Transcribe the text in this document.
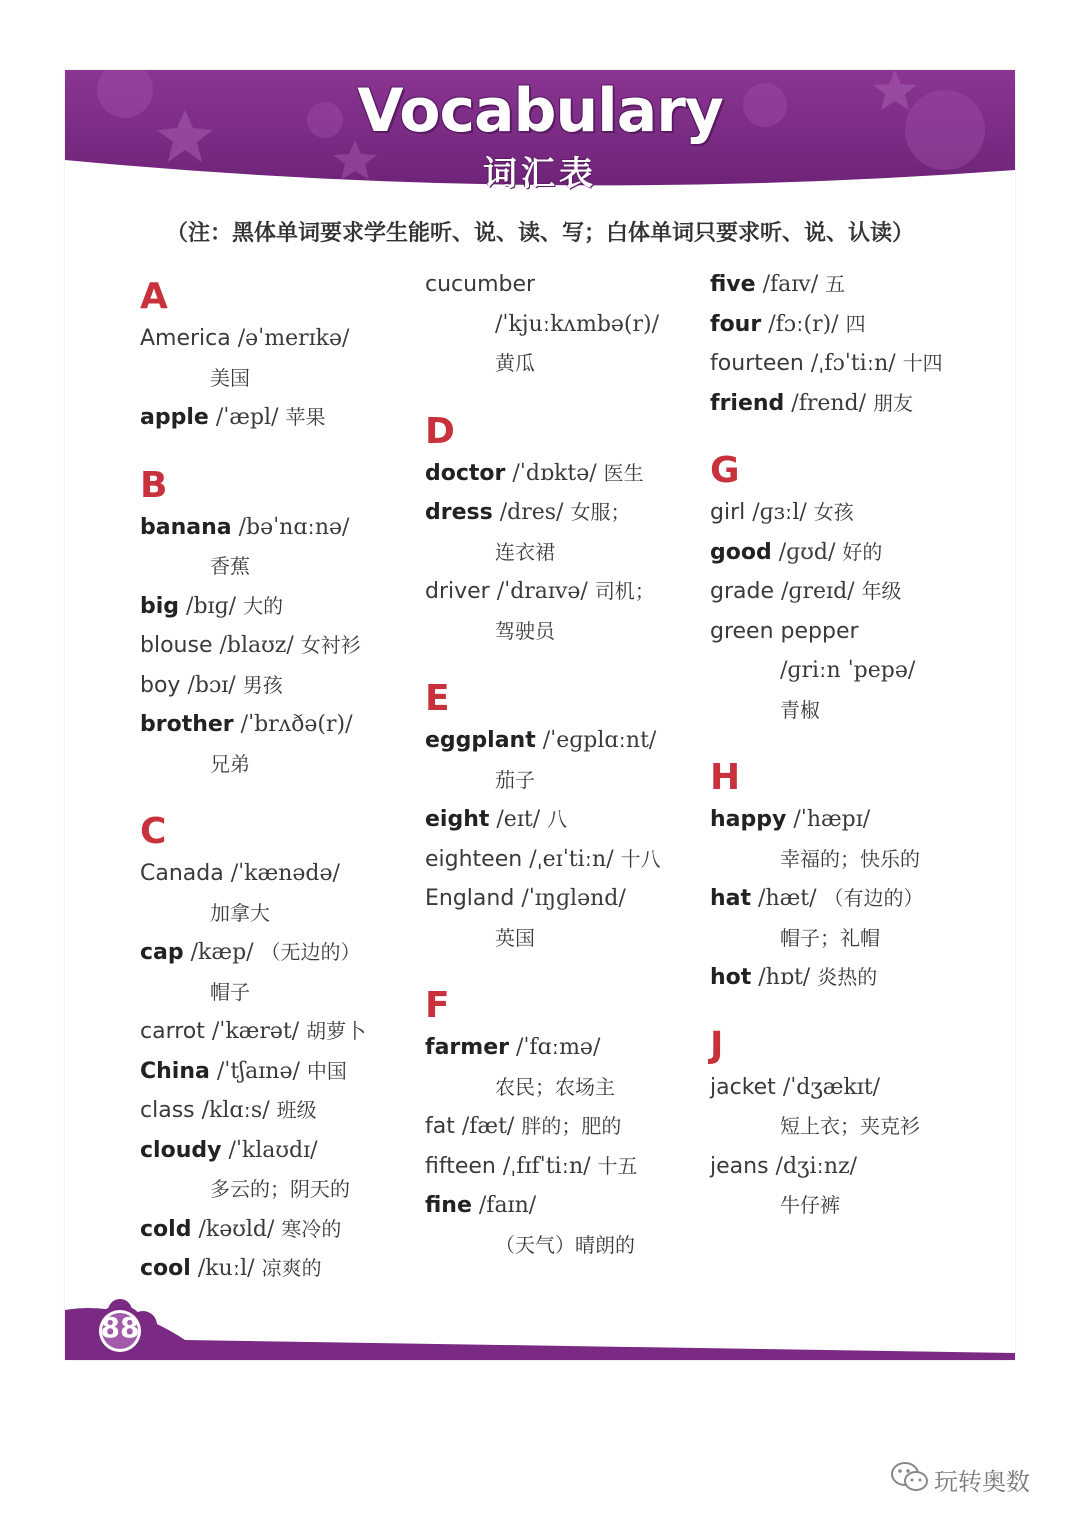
Vocabulary
词汇表
（注：黑体单词要求学生能听、说、读、写；白体单词只要求听、说、认读）
A
America /əˈmerɪkə/
美国
apple /ˈæpl/ 苹果
B
banana /bəˈnɑːnə/
香蕉
big /bɪɡ/ 大的
blouse /blaʊz/ 女衬衫
boy /bɔɪ/ 男孩
brother /ˈbrʌðə(r)/
兄弟
C
Canada /ˈkænədə/
加拿大
cap /kæp/ （无边的）
帽子
carrot /ˈkærət/ 胡萝卜
China /ˈtʃaɪnə/ 中国
class /klɑːs/ 班级
cloudy /ˈklaʊdɪ/
多云的；阴天的
cold /kəʊld/ 寒冷的
cool /kuːl/ 凉爽的
cucumber
/ˈkjuːkʌmbə(r)/
黄瓜
D
doctor /ˈdɒktə/ 医生
dress /dres/ 女服；
连衣裙
driver /ˈdraɪvə/ 司机；
驾驶员
E
eggplant /ˈeɡplɑːnt/
茄子
eight /eɪt/ 八
eighteen /ˌeɪˈtiːn/ 十八
England /ˈɪŋɡlənd/
英国
F
farmer /ˈfɑːmə/
农民；农场主
fat /fæt/ 胖的；肥的
fifteen /ˌfɪfˈtiːn/ 十五
fine /faɪn/
（天气）晴朗的
five /faɪv/ 五
four /fɔː(r)/ 四
fourteen /ˌfɔˈtiːn/ 十四
friend /frend/ 朋友
G
girl /ɡɜːl/ 女孩
good /ɡʊd/ 好的
grade /ɡreɪd/ 年级
green pepper
/ɡriːn ˈpepə/
青椒
H
happy /ˈhæpɪ/
幸福的；快乐的
hat /hæt/ （有边的）
帽子；礼帽
hot /hɒt/ 炎热的
J
jacket /ˈdʒækɪt/
短上衣；夹克衫
jeans /dʒiːnz/
牛仔裤
88
玩转奥数
